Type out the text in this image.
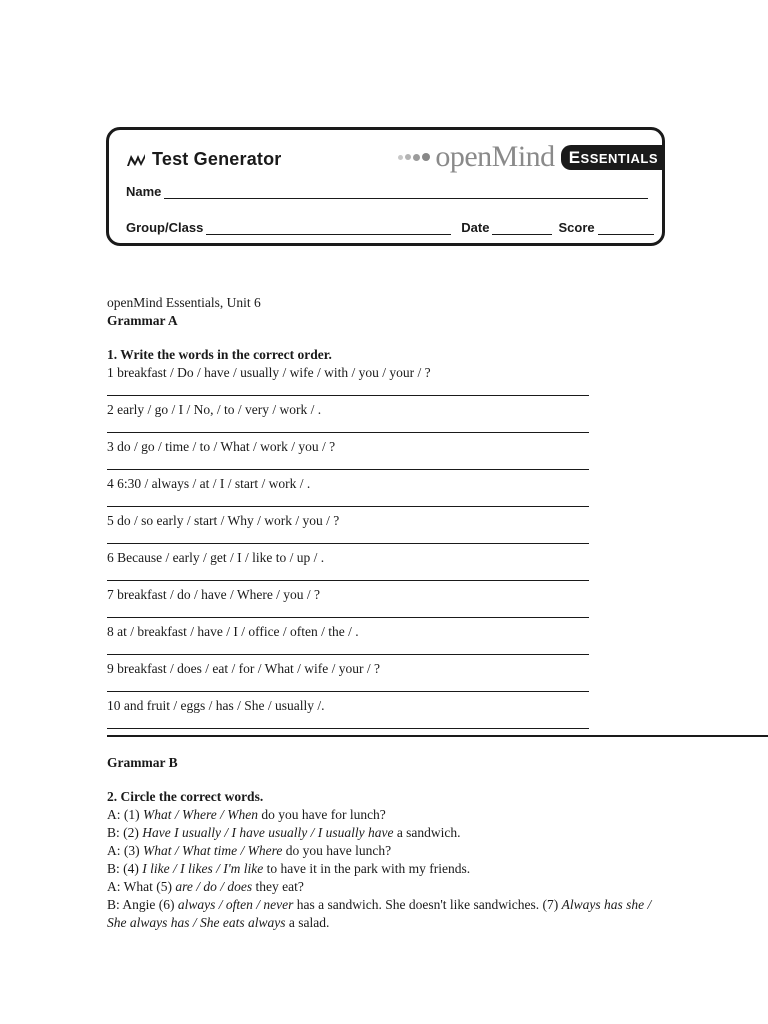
Test Generator	openMind ESSENTIALS
Name
Group/Class	Date	Score
openMind Essentials, Unit 6
Grammar A
1. Write the words in the correct order.
1 breakfast / Do / have / usually / wife / with / you / your / ?
2 early / go / I / No, / to / very / work / .
3 do / go / time / to / What / work / you / ?
4 6:30 / always / at / I / start / work / .
5 do / so early / start / Why / work / you / ?
6 Because / early / get / I / like to / up / .
7 breakfast / do / have / Where / you / ?
8 at / breakfast / have / I / office / often / the / .
9 breakfast / does / eat / for / What / wife / your / ?
10 and fruit / eggs / has / She / usually /.
Grammar B
2. Circle the correct words.
A: (1) What / Where / When do you have for lunch?
B: (2) Have I usually / I have usually / I usually have a sandwich.
A: (3) What / What time / Where do you have lunch?
B: (4) I like / I likes / I'm like to have it in the park with my friends.
A: What (5) are / do / does they eat?
B: Angie (6) always / often / never has a sandwich. She doesn't like sandwiches. (7) Always has she / She always has / She eats always a salad.
